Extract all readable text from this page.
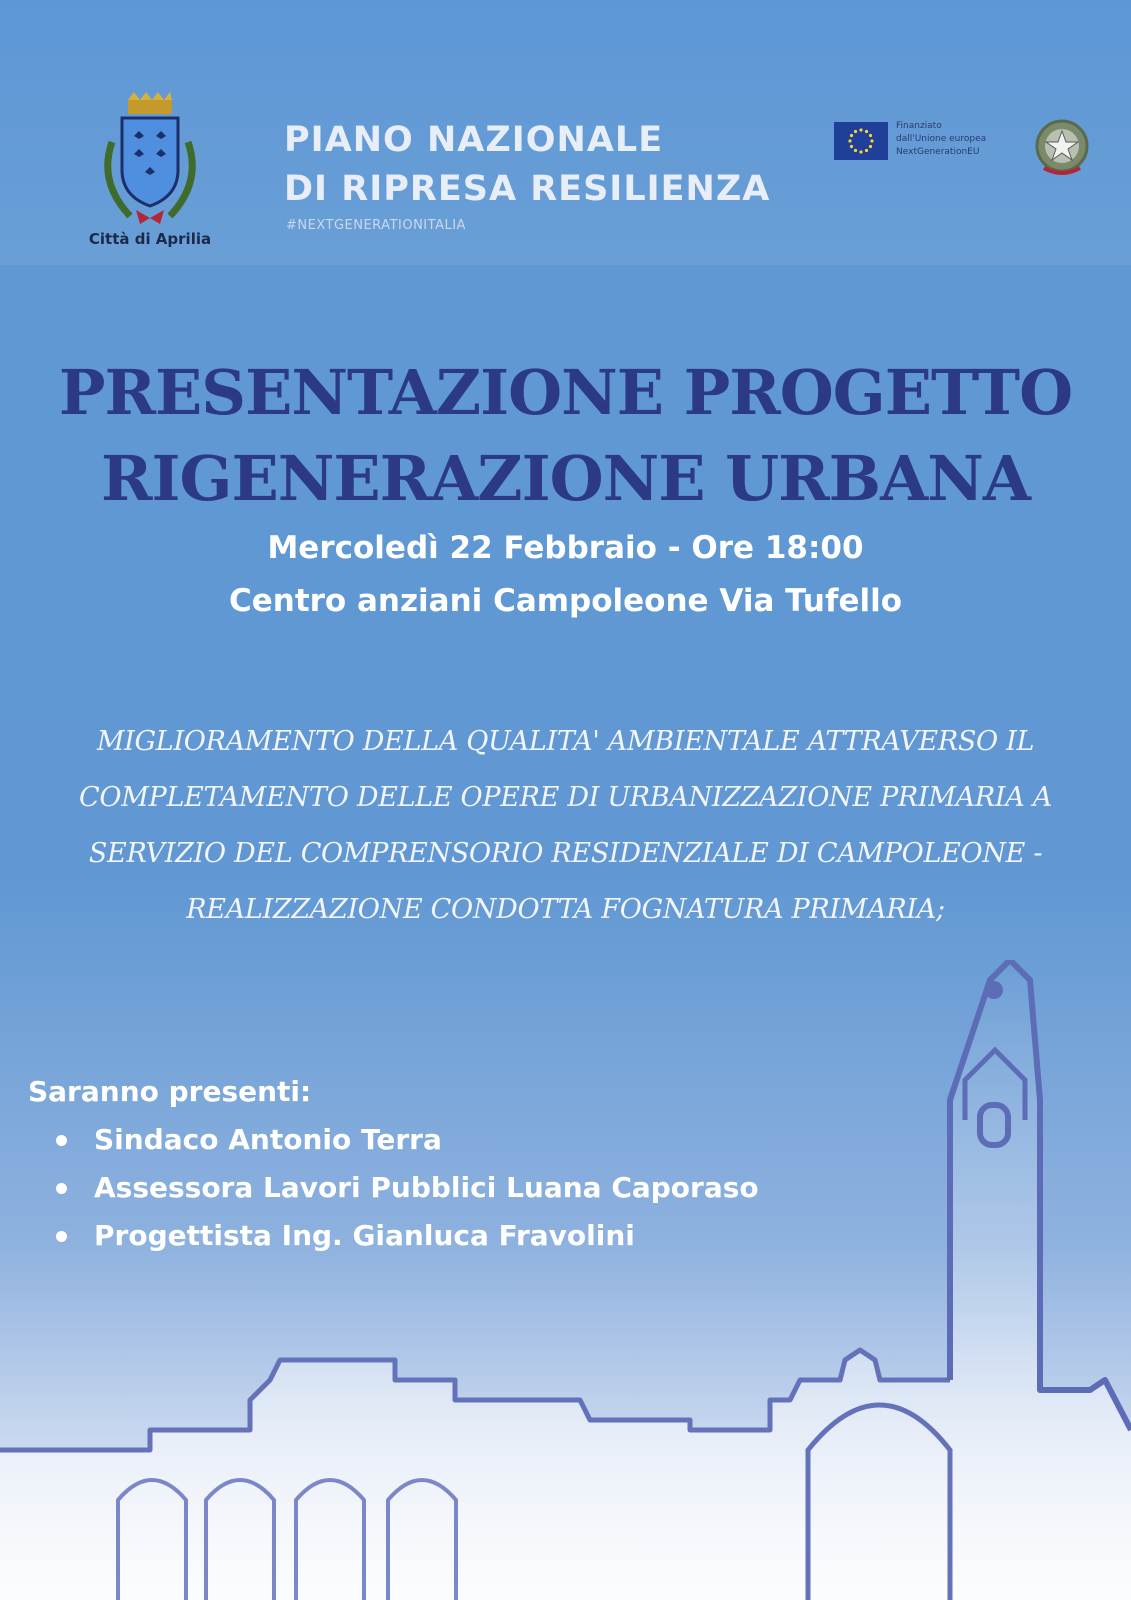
Città di Aprilia
PIANO NAZIONALE
DI RIPRESA RESILIENZA
#NEXTGENERATIONITALIA
Finanziato
dall'Unione europea
NextGenerationEU
PRESENTAZIONE PROGETTO
RIGENERAZIONE URBANA
Mercoledì 22 Febbraio - Ore 18:00
Centro anziani Campoleone Via Tufello
MIGLIORAMENTO DELLA QUALITA' AMBIENTALE ATTRAVERSO IL
COMPLETAMENTO DELLE OPERE DI URBANIZZAZIONE PRIMARIA A
SERVIZIO DEL COMPRENSORIO RESIDENZIALE DI CAMPOLEONE -
REALIZZAZIONE CONDOTTA FOGNATURA PRIMARIA;
Saranno presenti:
Sindaco Antonio Terra
Assessora Lavori Pubblici Luana Caporaso
Progettista Ing. Gianluca Fravolini
